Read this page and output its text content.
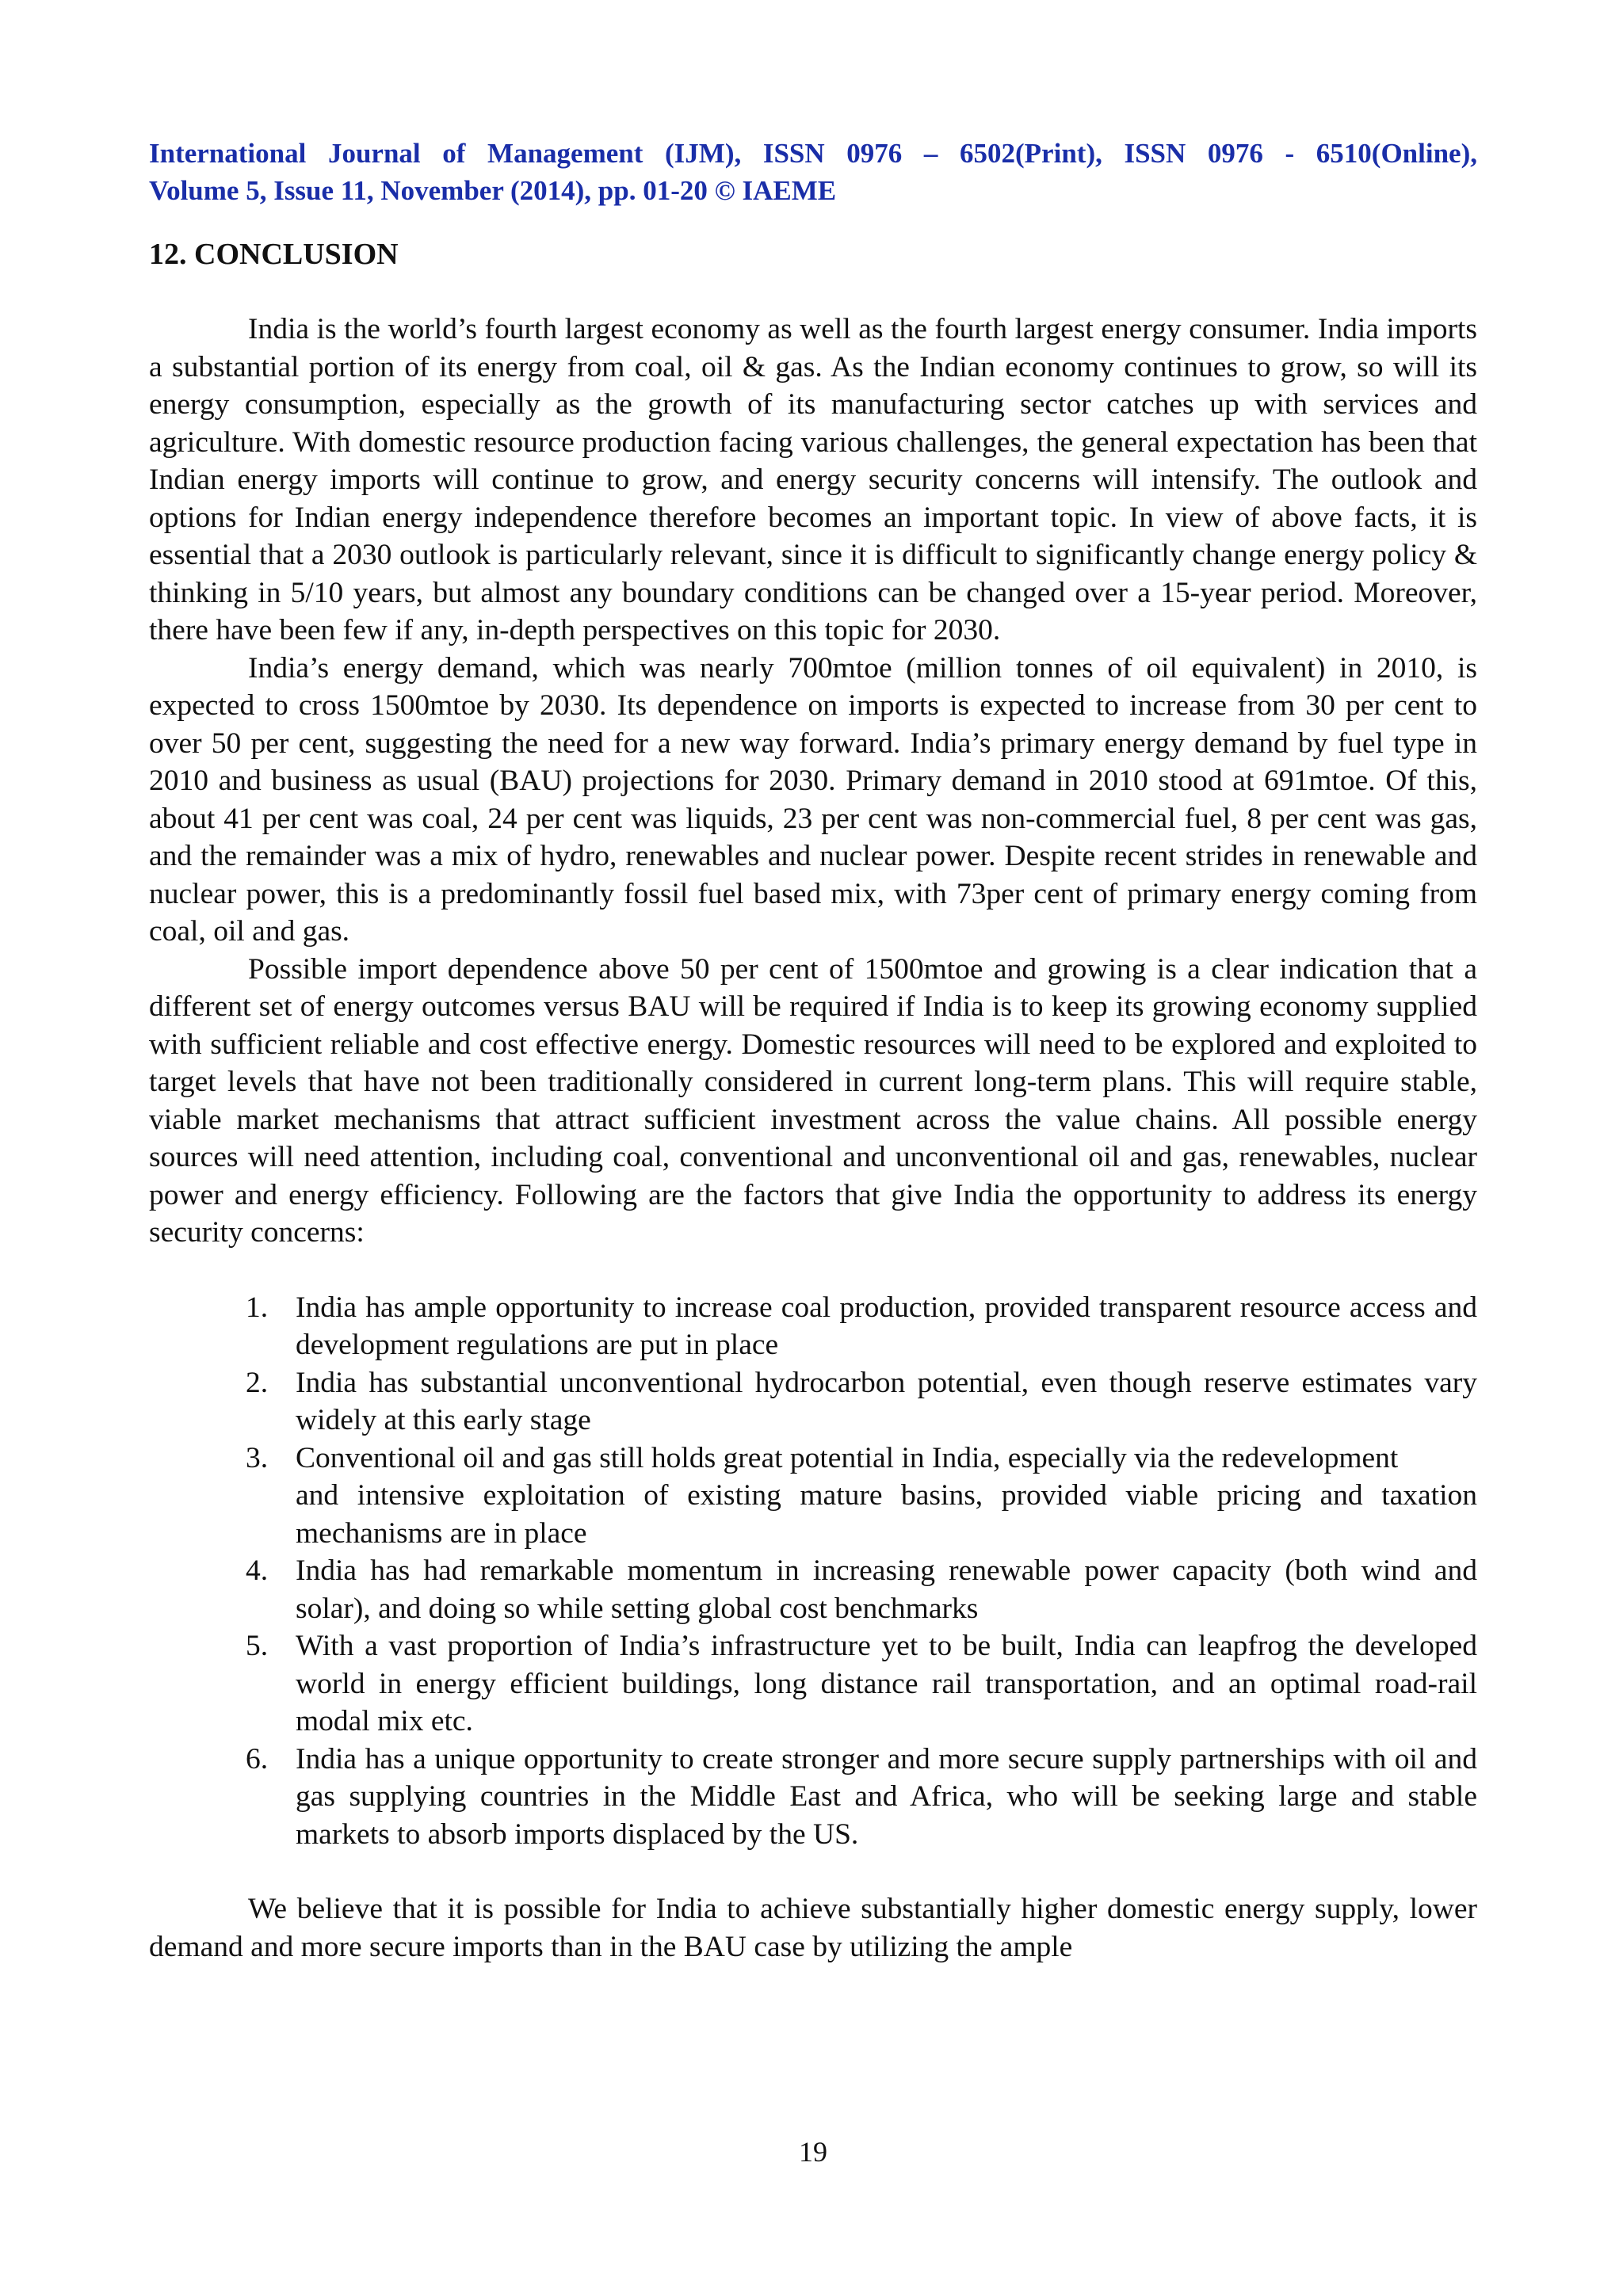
International Journal of Management (IJM), ISSN 0976 – 6502(Print), ISSN 0976 - 6510(Online),
Volume 5, Issue 11, November (2014), pp. 01-20 © IAEME
12. CONCLUSION

India is the world’s fourth largest economy as well as the fourth largest energy consumer. India imports a substantial portion of its energy from coal, oil & gas. As the Indian economy continues to grow, so will its energy consumption, especially as the growth of its manufacturing sector catches up with services and agriculture. With domestic resource production facing various challenges, the general expectation has been that Indian energy imports will continue to grow, and energy security concerns will intensify. The outlook and options for Indian energy independence therefore becomes an important topic. In view of above facts, it is essential that a 2030 outlook is particularly relevant, since it is difficult to significantly change energy policy & thinking in 5/10 years, but almost any boundary conditions can be changed over a 15-year period. Moreover, there have been few if any, in-depth perspectives on this topic for 2030.

India’s energy demand, which was nearly 700mtoe (million tonnes of oil equivalent) in 2010, is expected to cross 1500mtoe by 2030. Its dependence on imports is expected to increase from 30 per cent to over 50 per cent, suggesting the need for a new way forward. India’s primary energy demand by fuel type in 2010 and business as usual (BAU) projections for 2030. Primary demand in 2010 stood at 691mtoe. Of this, about 41 per cent was coal, 24 per cent was liquids, 23 per cent was non-commercial fuel, 8 per cent was gas, and the remainder was a mix of hydro, renewables and nuclear power. Despite recent strides in renewable and nuclear power, this is a predominantly fossil fuel based mix, with 73per cent of primary energy coming from coal, oil and gas.

Possible import dependence above 50 per cent of 1500mtoe and growing is a clear indication that a different set of energy outcomes versus BAU will be required if India is to keep its growing economy supplied with sufficient reliable and cost effective energy. Domestic resources will need to be explored and exploited to target levels that have not been traditionally considered in current long-term plans. This will require stable, viable market mechanisms that attract sufficient investment across the value chains. All possible energy sources will need attention, including coal, conventional and unconventional oil and gas, renewables, nuclear power and energy efficiency. Following are the factors that give India the opportunity to address its energy security concerns:

1. India has ample opportunity to increase coal production, provided transparent resource access and development regulations are put in place
2. India has substantial unconventional hydrocarbon potential, even though reserve estimates vary widely at this early stage
3. Conventional oil and gas still holds great potential in India, especially via the redevelopment
and intensive exploitation of existing mature basins, provided viable pricing and taxation mechanisms are in place
4. India has had remarkable momentum in increasing renewable power capacity (both wind and solar), and doing so while setting global cost benchmarks
5. With a vast proportion of India’s infrastructure yet to be built, India can leapfrog the developed world in energy efficient buildings, long distance rail transportation, and an optimal road-rail modal mix etc.
6. India has a unique opportunity to create stronger and more secure supply partnerships with oil and gas supplying countries in the Middle East and Africa, who will be seeking large and stable markets to absorb imports displaced by the US.

We believe that it is possible for India to achieve substantially higher domestic energy supply, lower demand and more secure imports than in the BAU case by utilizing the ample

19
